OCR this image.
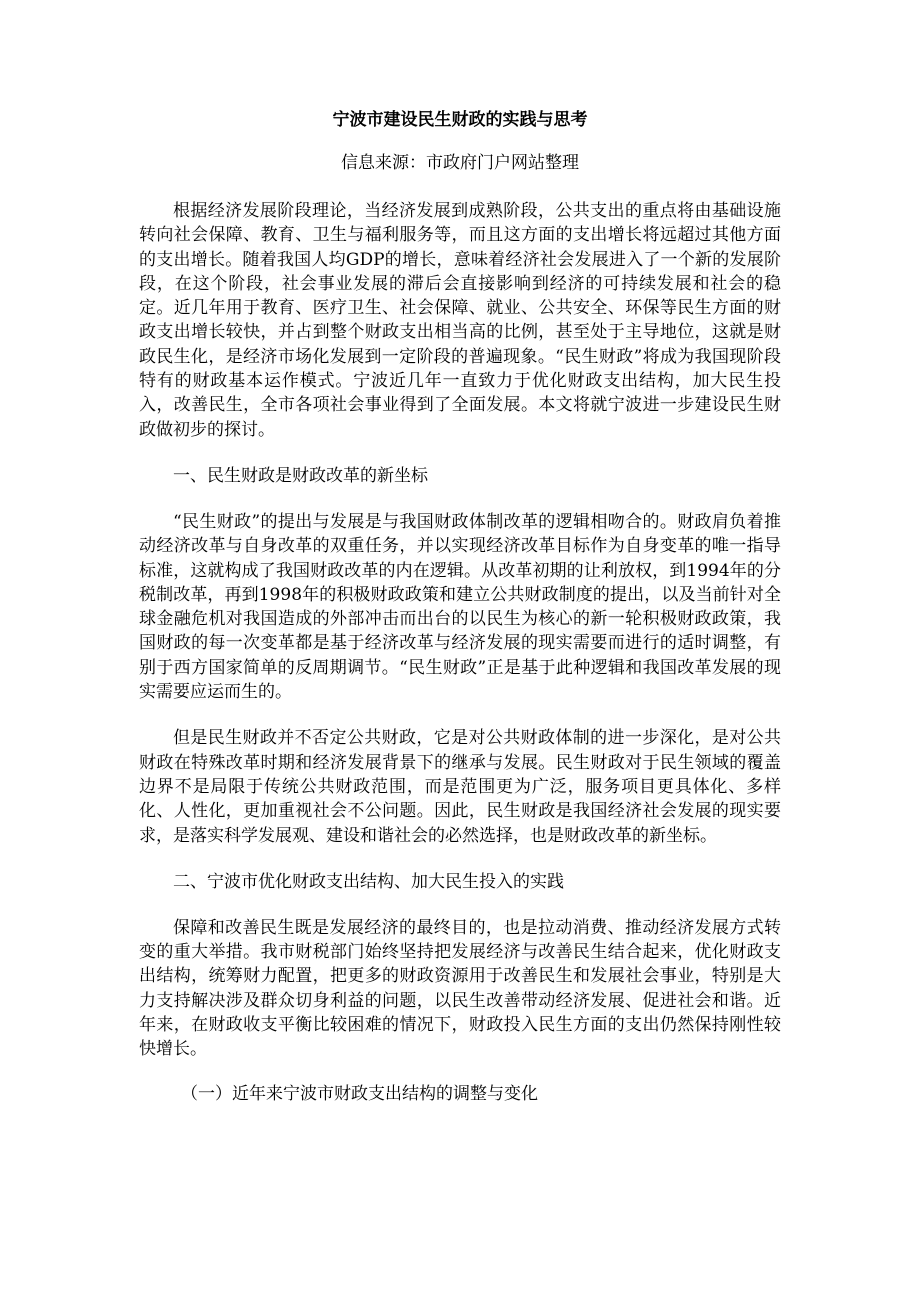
宁波市建设民生财政的实践与思考

信息来源：市政府门户网站整理

根据经济发展阶段理论，当经济发展到成熟阶段，公共支出的重点将由基础设施转向社会保障、教育、卫生与福利服务等，而且这方面的支出增长将远超过其他方面的支出增长。随着我国人均GDP的增长，意味着经济社会发展进入了一个新的发展阶段，在这个阶段，社会事业发展的滞后会直接影响到经济的可持续发展和社会的稳定。近几年用于教育、医疗卫生、社会保障、就业、公共安全、环保等民生方面的财政支出增长较快，并占到整个财政支出相当高的比例，甚至处于主导地位，这就是财政民生化，是经济市场化发展到一定阶段的普遍现象。“民生财政”将成为我国现阶段特有的财政基本运作模式。宁波近几年一直致力于优化财政支出结构，加大民生投入，改善民生，全市各项社会事业得到了全面发展。本文将就宁波进一步建设民生财政做初步的探讨。

一、民生财政是财政改革的新坐标

“民生财政”的提出与发展是与我国财政体制改革的逻辑相吻合的。财政肩负着推动经济改革与自身改革的双重任务，并以实现经济改革目标作为自身变革的唯一指导标准，这就构成了我国财政改革的内在逻辑。从改革初期的让利放权，到1994年的分税制改革，再到1998年的积极财政政策和建立公共财政制度的提出，以及当前针对全球金融危机对我国造成的外部冲击而出台的以民生为核心的新一轮积极财政政策，我国财政的每一次变革都是基于经济改革与经济发展的现实需要而进行的适时调整，有别于西方国家简单的反周期调节。“民生财政”正是基于此种逻辑和我国改革发展的现实需要应运而生的。

但是民生财政并不否定公共财政，它是对公共财政体制的进一步深化，是对公共财政在特殊改革时期和经济发展背景下的继承与发展。民生财政对于民生领域的覆盖边界不是局限于传统公共财政范围，而是范围更为广泛，服务项目更具体化、多样化、人性化，更加重视社会不公问题。因此，民生财政是我国经济社会发展的现实要求，是落实科学发展观、建设和谐社会的必然选择，也是财政改革的新坐标。

二、宁波市优化财政支出结构、加大民生投入的实践

保障和改善民生既是发展经济的最终目的，也是拉动消费、推动经济发展方式转变的重大举措。我市财税部门始终坚持把发展经济与改善民生结合起来，优化财政支出结构，统筹财力配置，把更多的财政资源用于改善民生和发展社会事业，特别是大力支持解决涉及群众切身利益的问题，以民生改善带动经济发展、促进社会和谐。近年来，在财政收支平衡比较困难的情况下，财政投入民生方面的支出仍然保持刚性较快增长。

（一）近年来宁波市财政支出结构的调整与变化
